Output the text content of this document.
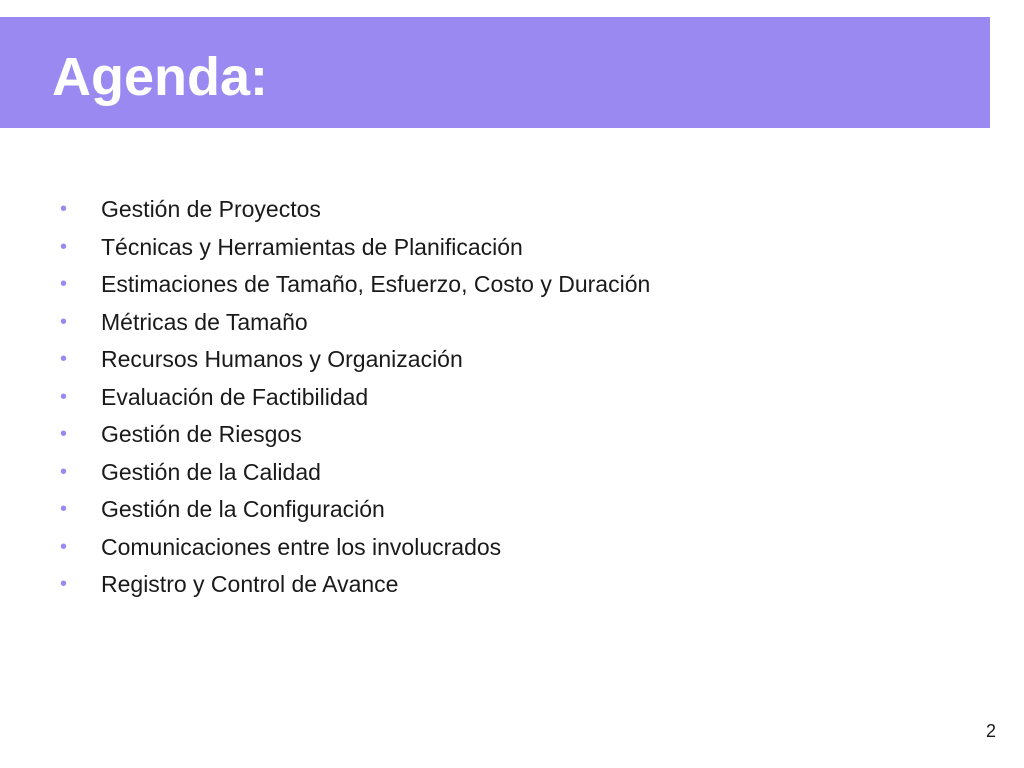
Agenda:
• Gestión de Proyectos
• Técnicas y Herramientas de Planificación
• Estimaciones de Tamaño, Esfuerzo, Costo y Duración
• Métricas de Tamaño
• Recursos Humanos y Organización
• Evaluación de Factibilidad
• Gestión de Riesgos
• Gestión de la Calidad
• Gestión de la Configuración
• Comunicaciones entre los involucrados
• Registro y Control de Avance
2
